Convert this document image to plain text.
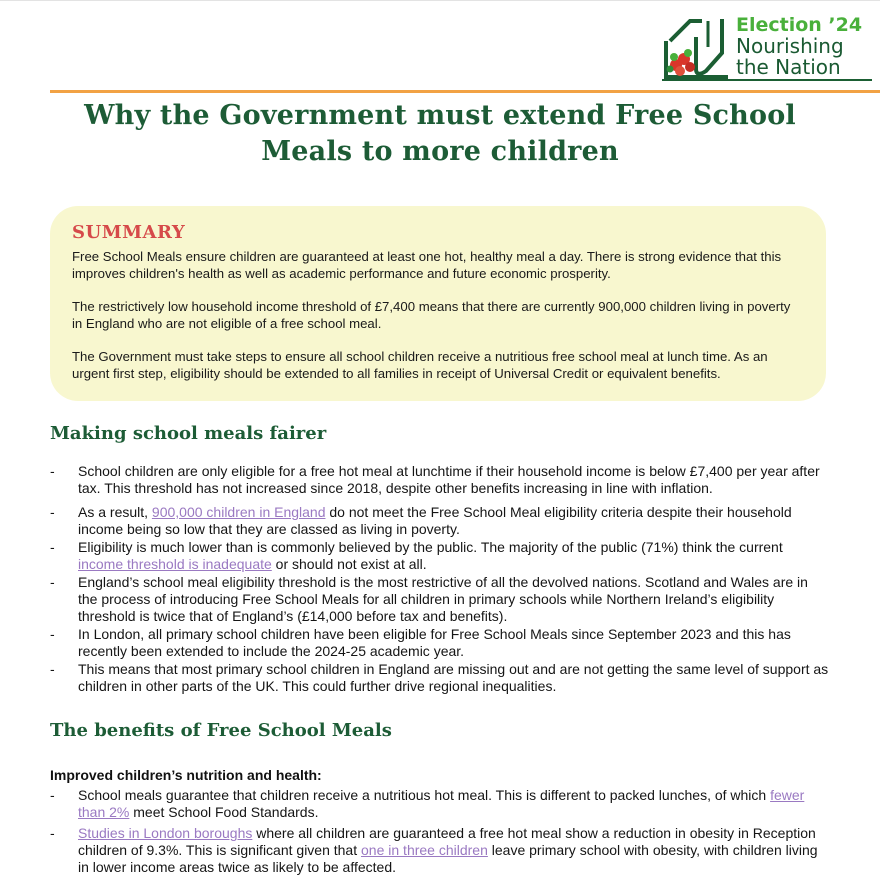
Election ’24
Nourishing
the Nation
Why the Government must extend Free School
Meals to more children
SUMMARY

Free School Meals ensure children are guaranteed at least one hot, healthy meal a day. There is strong evidence that this improves children's health as well as academic performance and future economic prosperity.

The restrictively low household income threshold of £7,400 means that there are currently 900,000 children living in poverty in England who are not eligible of a free school meal.

The Government must take steps to ensure all school children receive a nutritious free school meal at lunch time. As an urgent first step, eligibility should be extended to all families in receipt of Universal Credit or equivalent benefits.

Making school meals fairer
- School children are only eligible for a free hot meal at lunchtime if their household income is below £7,400 per year after tax. This threshold has not increased since 2018, despite other benefits increasing in line with inflation.
- As a result, 900,000 children in England do not meet the Free School Meal eligibility criteria despite their household income being so low that they are classed as living in poverty.
- Eligibility is much lower than is commonly believed by the public. The majority of the public (71%) think the current income threshold is inadequate or should not exist at all.
- England’s school meal eligibility threshold is the most restrictive of all the devolved nations. Scotland and Wales are in the process of introducing Free School Meals for all children in primary schools while Northern Ireland’s eligibility threshold is twice that of England’s (£14,000 before tax and benefits).
- In London, all primary school children have been eligible for Free School Meals since September 2023 and this has recently been extended to include the 2024-25 academic year.
- This means that most primary school children in England are missing out and are not getting the same level of support as children in other parts of the UK. This could further drive regional inequalities.
The benefits of Free School Meals
Improved children’s nutrition and health:
- School meals guarantee that children receive a nutritious hot meal. This is different to packed lunches, of which fewer than 2% meet School Food Standards.
- Studies in London boroughs where all children are guaranteed a free hot meal show a reduction in obesity in Reception children of 9.3%. This is significant given that one in three children leave primary school with obesity, with children living in lower income areas twice as likely to be affected.
